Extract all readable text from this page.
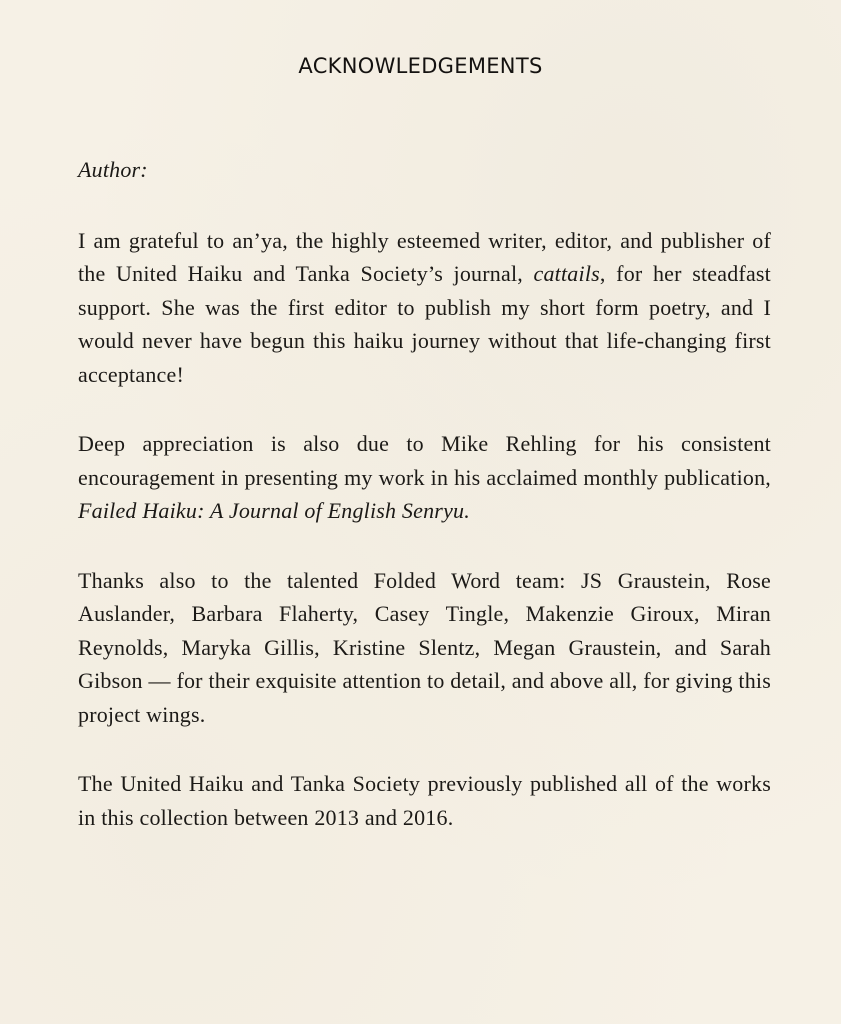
ACKNOWLEDGEMENTS

Author:

I am grateful to an’ya, the highly esteemed writer, editor, and publisher of the United Haiku and Tanka Society’s journal, cattails, for her steadfast support. She was the first editor to publish my short form poetry, and I would never have begun this haiku journey without that life-changing first acceptance!

Deep appreciation is also due to Mike Rehling for his consistent encouragement in presenting my work in his acclaimed monthly publication, Failed Haiku: A Journal of English Senryu.

Thanks also to the talented Folded Word team: JS Graustein, Rose Auslander, Barbara Flaherty, Casey Tingle, Makenzie Giroux, Miran Reynolds, Maryka Gillis, Kristine Slentz, Megan Graustein, and Sarah Gibson — for their exquisite attention to detail, and above all, for giving this project wings.

The United Haiku and Tanka Society previously published all of the works in this collection between 2013 and 2016.
